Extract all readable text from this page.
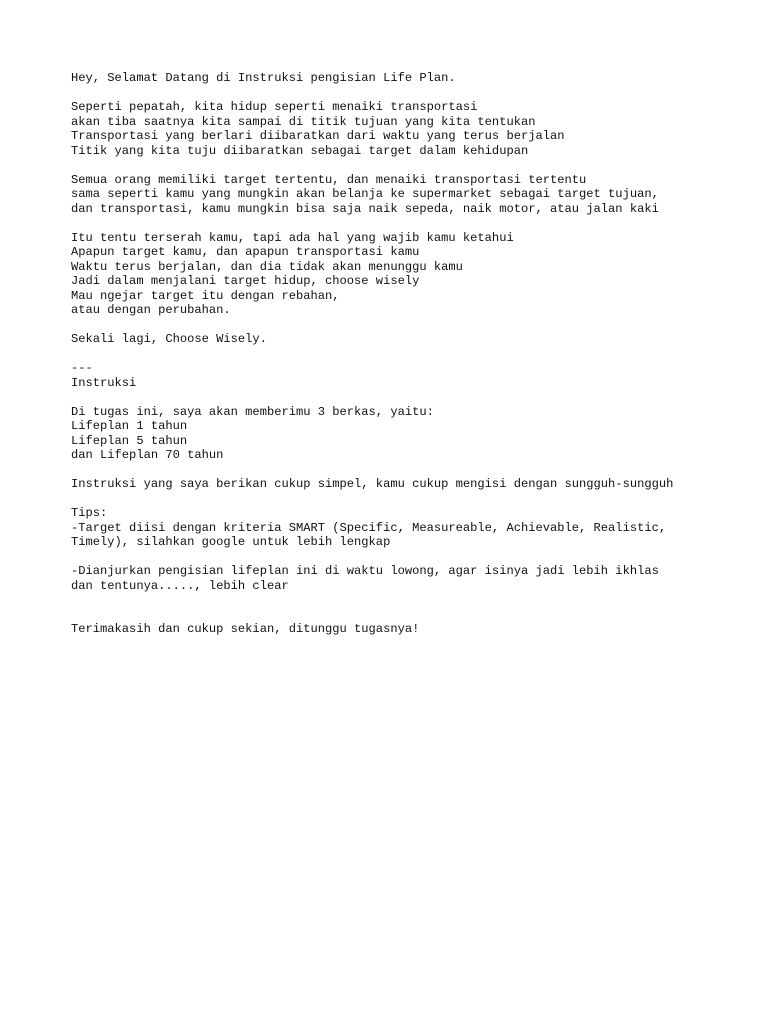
Hey, Selamat Datang di Instruksi pengisian Life Plan.

Seperti pepatah, kita hidup seperti menaiki transportasi
akan tiba saatnya kita sampai di titik tujuan yang kita tentukan
Transportasi yang berlari diibaratkan dari waktu yang terus berjalan
Titik yang kita tuju diibaratkan sebagai target dalam kehidupan

Semua orang memiliki target tertentu, dan menaiki transportasi tertentu
sama seperti kamu yang mungkin akan belanja ke supermarket sebagai target tujuan,
dan transportasi, kamu mungkin bisa saja naik sepeda, naik motor, atau jalan kaki

Itu tentu terserah kamu, tapi ada hal yang wajib kamu ketahui
Apapun target kamu, dan apapun transportasi kamu
Waktu terus berjalan, dan dia tidak akan menunggu kamu
Jadi dalam menjalani target hidup, choose wisely
Mau ngejar target itu dengan rebahan,
atau dengan perubahan.

Sekali lagi, Choose Wisely.

---
Instruksi

Di tugas ini, saya akan memberimu 3 berkas, yaitu:
Lifeplan 1 tahun
Lifeplan 5 tahun
dan Lifeplan 70 tahun

Instruksi yang saya berikan cukup simpel, kamu cukup mengisi dengan sungguh-sungguh

Tips:
-Target diisi dengan kriteria SMART (Specific, Measureable, Achievable, Realistic,
Timely), silahkan google untuk lebih lengkap

-Dianjurkan pengisian lifeplan ini di waktu lowong, agar isinya jadi lebih ikhlas
dan tentunya....., lebih clear

Terimakasih dan cukup sekian, ditunggu tugasnya!
